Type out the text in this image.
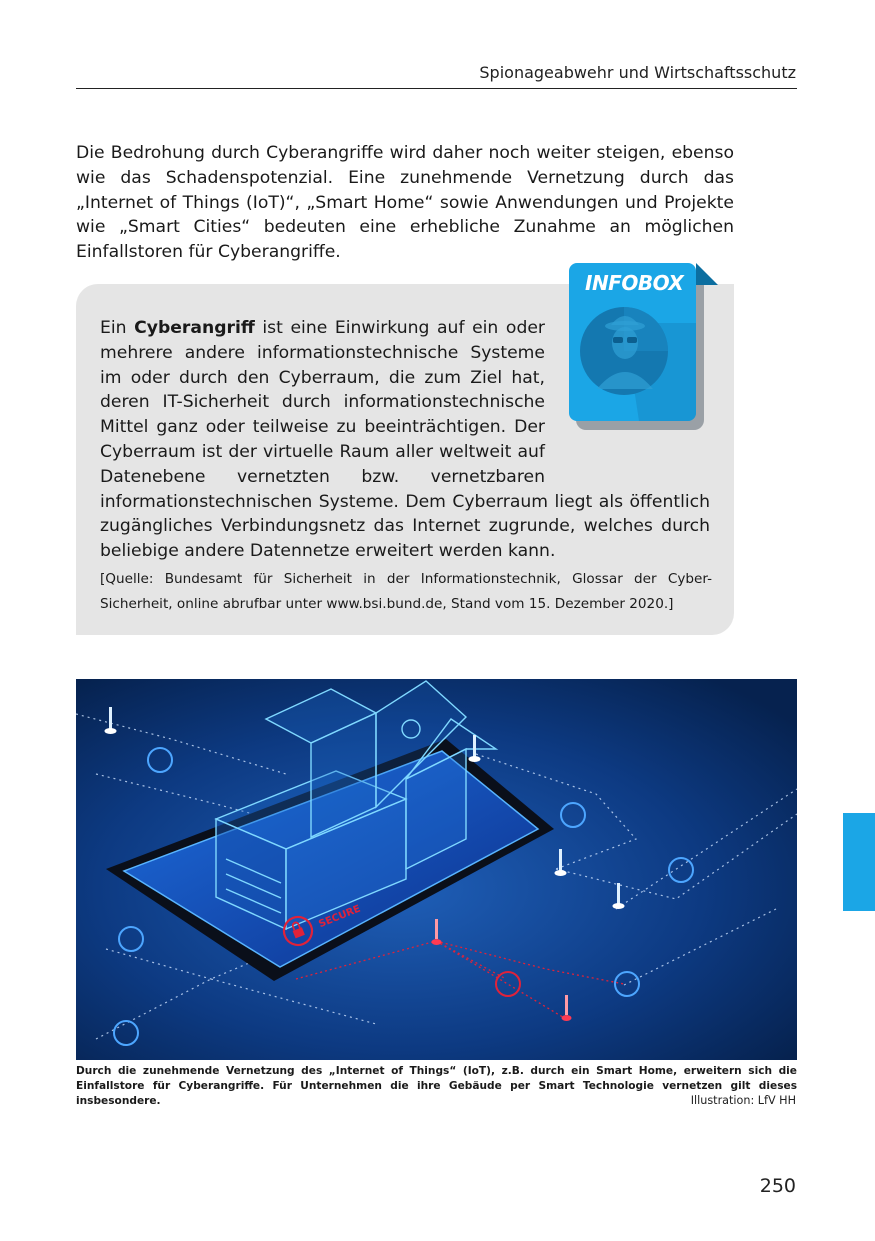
Spionageabwehr und Wirtschaftsschutz

Die Bedrohung durch Cyberangriffe wird daher noch weiter steigen, ebenso wie das Schadenspotenzial. Eine zunehmende Vernetzung durch das „Internet of Things (IoT)“, „Smart Home“ sowie Anwendungen und Projekte wie „Smart Cities“ bedeuten eine erhebliche Zunahme an möglichen Einfallstoren für Cyberangriffe.

INFOBOX

Ein Cyberangriff ist eine Einwirkung auf ein oder mehrere andere informationstechnische Systeme im oder durch den Cyberraum, die zum Ziel hat, deren IT-Sicherheit durch informationstechnische Mittel ganz oder teilweise zu beeinträchtigen. Der Cyberraum ist der virtuelle Raum aller weltweit auf Datenebene vernetzten bzw. vernetzbaren informationstechnischen Systeme. Dem Cyberraum liegt als öffentlich zugängliches Verbindungsnetz das Internet zugrunde, welches durch beliebige andere Datennetze erweitert werden kann.

[Quelle: Bundesamt für Sicherheit in der Informationstechnik, Glossar der Cyber-Sicherheit, online abrufbar unter www.bsi.bund.de, Stand vom 15. Dezember 2020.]

SECURE

Durch die zunehmende Vernetzung des „Internet of Things“ (IoT), z.B. durch ein Smart Home, erweitern sich die Einfallstore für Cyberangriffe. Für Unternehmen die ihre Gebäude per Smart Technologie vernetzen gilt dieses insbesondere.	Illustration: LfV HH
250
